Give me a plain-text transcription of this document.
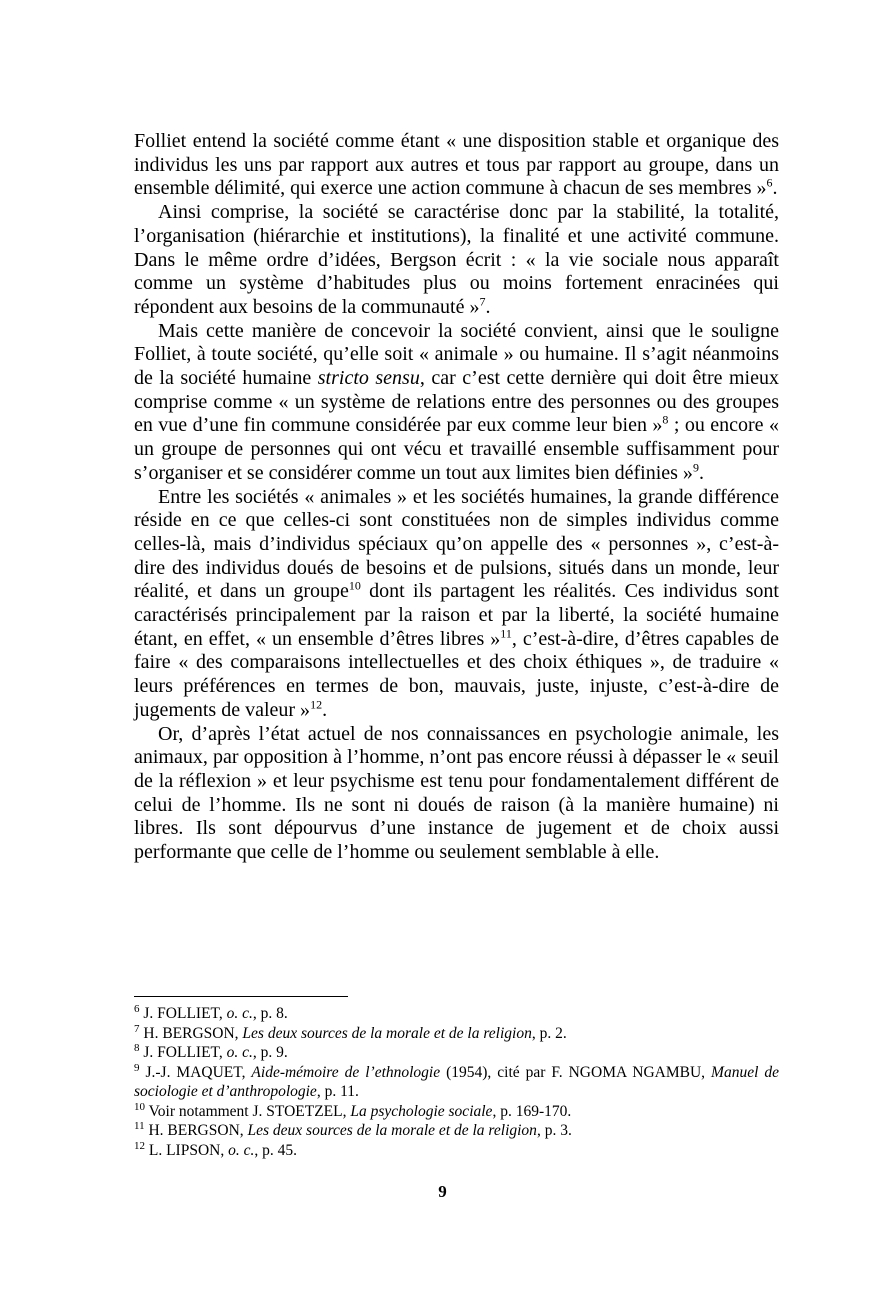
Folliet entend la société comme étant « une disposition stable et organique des individus les uns par rapport aux autres et tous par rapport au groupe, dans un ensemble délimité, qui exerce une action commune à chacun de ses membres »$^6$.

Ainsi comprise, la société se caractérise donc par la stabilité, la totalité, l’organisation (hiérarchie et institutions), la finalité et une activité commune. Dans le même ordre d’idées, Bergson écrit : « la vie sociale nous apparaît comme un système d’habitudes plus ou moins fortement enracinées qui répondent aux besoins de la communauté »$^7$.

Mais cette manière de concevoir la société convient, ainsi que le souligne Folliet, à toute société, qu’elle soit « animale » ou humaine. Il s’agit néanmoins de la société humaine stricto sensu, car c’est cette dernière qui doit être mieux comprise comme « un système de relations entre des personnes ou des groupes en vue d’une fin commune considérée par eux comme leur bien »$^8$ ; ou encore « un groupe de personnes qui ont vécu et travaillé ensemble suffisamment pour s’organiser et se considérer comme un tout aux limites bien définies »$^9$.

Entre les sociétés « animales » et les sociétés humaines, la grande différence réside en ce que celles-ci sont constituées non de simples individus comme celles-là, mais d’individus spéciaux qu’on appelle des « personnes », c’est-à-dire des individus doués de besoins et de pulsions, situés dans un monde, leur réalité, et dans un groupe$^{10}$ dont ils partagent les réalités. Ces individus sont caractérisés principalement par la raison et par la liberté, la société humaine étant, en effet, « un ensemble d’êtres libres »$^{11}$, c’est-à-dire, d’êtres capables de faire « des comparaisons intellectuelles et des choix éthiques », de traduire « leurs préférences en termes de bon, mauvais, juste, injuste, c’est-à-dire de jugements de valeur »$^{12}$.

Or, d’après l’état actuel de nos connaissances en psychologie animale, les animaux, par opposition à l’homme, n’ont pas encore réussi à dépasser le « seuil de la réflexion » et leur psychisme est tenu pour fondamentalement différent de celui de l’homme. Ils ne sont ni doués de raison (à la manière humaine) ni libres. Ils sont dépourvus d’une instance de jugement et de choix aussi performante que celle de l’homme ou seulement semblable à elle.

$^6$ J. FOLLIET, o. c., p. 8.

$^7$ H. BERGSON, Les deux sources de la morale et de la religion, p. 2.

$^8$ J. FOLLIET, o. c., p. 9.

$^9$ J.-J. MAQUET, Aide-mémoire de l’ethnologie (1954), cité par F. NGOMA NGAMBU, Manuel de sociologie et d’anthropologie, p. 11.

$^{10}$ Voir notamment J. STOETZEL, La psychologie sociale, p. 169-170.

$^{11}$ H. BERGSON, Les deux sources de la morale et de la religion, p. 3.

$^{12}$ L. LIPSON, o. c., p. 45.

9
